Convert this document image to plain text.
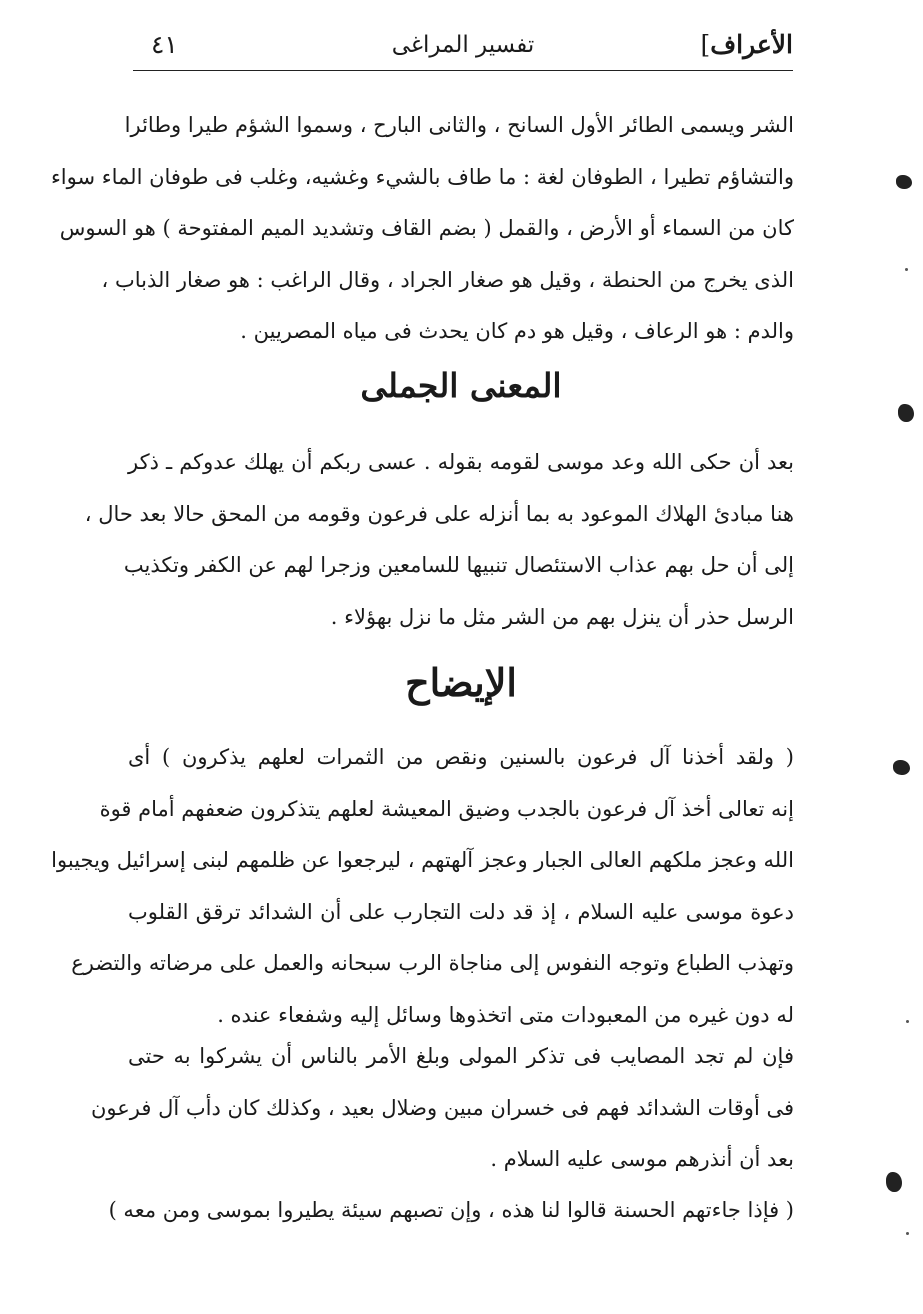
الأعراف]
تفسير المراغى
٤١
الشر ويسمى الطائر الأول السانح ، والثانى البارح ، وسموا الشؤم طيرا وطائرا
والتشاؤم تطيرا ، الطوفان لغة : ما طاف بالشيء وغشيه، وغلب فى طوفان الماء سواء
كان من السماء أو الأرض ، والقمل ( بضم القاف وتشديد الميم المفتوحة ) هو السوس
الذى يخرج من الحنطة ، وقيل هو صغار الجراد ، وقال الراغب : هو صغار الذباب ،
والدم : هو الرعاف ، وقيل هو دم كان يحدث فى مياه المصريين .
المعنى الجملى
بعد أن حكى الله وعد موسى لقومه بقوله . عسى ربكم أن يهلك عدوكم ـ ذكر
هنا مبادئ الهلاك الموعود به بما أنزله على فرعون وقومه من المحق حالا بعد حال ،
إلى أن حل بهم عذاب الاستئصال تنبيها للسامعين وزجرا لهم عن الكفر وتكذيب
الرسل حذر أن ينزل بهم من الشر مثل ما نزل بهؤلاء .
الإيضاح
( ولقد أخذنا آل فرعون بالسنين ونقص من الثمرات لعلهم يذكرون ) أى
إنه تعالى أخذ آل فرعون بالجدب وضيق المعيشة لعلهم يتذكرون ضعفهم أمام قوة
الله وعجز ملكهم العالى الجبار وعجز آلهتهم ، ليرجعوا عن ظلمهم لبنى إسرائيل ويجيبوا
دعوة موسى عليه السلام ، إذ قد دلت التجارب على أن الشدائد ترقق القلوب
وتهذب الطباع وتوجه النفوس إلى مناجاة الرب سبحانه والعمل على مرضاته والتضرع
له دون غيره من المعبودات متى اتخذوها وسائل إليه وشفعاء عنده .
فإن لم تجد المصايب فى تذكر المولى وبلغ الأمر بالناس أن يشركوا به حتى
فى أوقات الشدائد فهم فى خسران مبين وضلال بعيد ، وكذلك كان دأب آل فرعون
بعد أن أنذرهم موسى عليه السلام .
( فإذا جاءتهم الحسنة قالوا لنا هذه ، وإن تصبهم سيئة يطيروا بموسى ومن معه )
